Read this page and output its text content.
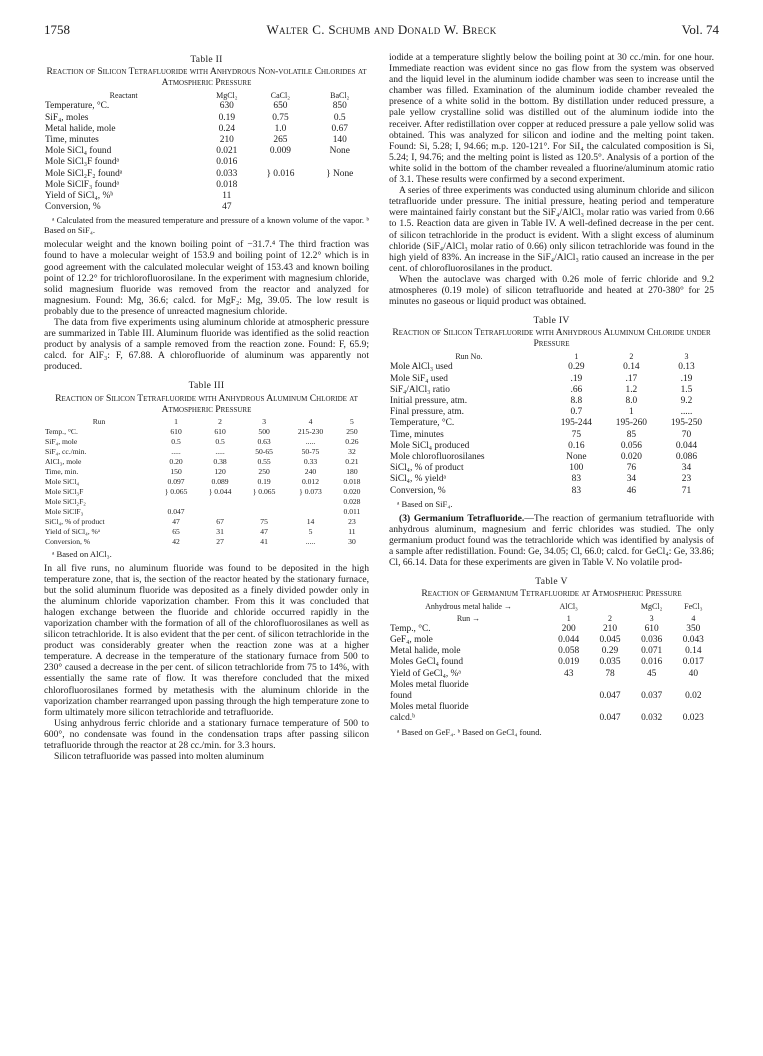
1758	Walter C. Schumb and Donald W. Breck	Vol. 74
Table II
Reaction of Silicon Tetrafluoride with Anhydrous Non-volatile Chlorides at Atmospheric Pressure
Reactant	MgCl₂	CaCl₂	BaCl₂
Temperature, °C.	630	650	850
SiF₄, moles	0.19	0.75	0.5
Metal halide, mole	0.24	1.0	0.67
Time, minutes	210	265	140
Mole SiCl₄ found	0.021	0.009	None
Mole SiCl₃F foundᵃ	0.016		
Mole SiCl₂F₂ foundᵃ	0.033	} 0.016	} None
Mole SiClF₃ foundᵃ	0.018		
Yield of SiCl₄, %ᵇ	11		
Conversion, %	47		
ᵃ Calculated from the measured temperature and pressure of a known volume of the vapor. ᵇ Based on SiF₄.

molecular weight and the known boiling point of −31.7.⁴ The third fraction was found to have a molecular weight of 153.9 and boiling point of 12.2° which is in good agreement with the calculated molecular weight of 153.43 and known boiling point of 12.2° for trichlorofluorosilane. In the experiment with magnesium chloride, solid magnesium fluoride was removed from the reactor and analyzed for magnesium. Found: Mg, 36.6; calcd. for MgF₂: Mg, 39.05. The low result is probably due to the presence of unreacted magnesium chloride.

The data from five experiments using aluminum chloride at atmospheric pressure are summarized in Table III. Aluminum fluoride was identified as the solid reaction product by analysis of a sample removed from the reaction zone. Found: F, 65.9; calcd. for AlF₃: F, 67.88. A chlorofluoride of aluminum was apparently not produced.

Table III
Reaction of Silicon Tetrafluoride with Anhydrous Aluminum Chloride at Atmospheric Pressure
Run	1	2	3	4	5
Temp., °C.	610	610	500	215-230	250
SiF₄, mole	0.5	0.5	0.63	.....	0.26
SiF₄, cc./min.	.....	.....	50-65	50-75	32
AlCl₃, mole	0.20	0.38	0.55	0.33	0.21
Time, min.	150	120	250	240	180
Mole SiCl₄	0.097	0.089	0.19	0.012	0.018
Mole SiCl₃F	} 0.065	} 0.044	} 0.065	} 0.073	0.020
Mole SiCl₂F₂					0.028
Mole SiClF₃	0.047				0.011
SiCl₄, % of product	47	67	75	14	23
Yield of SiCl₄, %ᵃ	65	31	47	5	11
Conversion, %	42	27	41	.....	30
ᵃ Based on AlCl₃.

In all five runs, no aluminum fluoride was found to be deposited in the high temperature zone, that is, the section of the reactor heated by the stationary furnace, but the solid aluminum fluoride was deposited as a finely divided powder only in the aluminum chloride vaporization chamber. From this it was concluded that halogen exchange between the fluoride and chloride occurred rapidly in the vaporization chamber with the formation of all of the chlorofluorosilanes as well as silicon tetrachloride. It is also evident that the per cent. of silicon tetrachloride in the product was considerably greater when the reaction zone was at a higher temperature. A decrease in the temperature of the stationary furnace from 500 to 230° caused a decrease in the per cent. of silicon tetrachloride from 75 to 14%, with essentially the same rate of flow. It was therefore concluded that the mixed chlorofluorosilanes formed by metathesis with the aluminum chloride in the vaporization chamber rearranged upon passing through the high temperature zone to form ultimately more silicon tetrachloride and tetrafluoride.

Using anhydrous ferric chloride and a stationary furnace temperature of 500 to 600°, no condensate was found in the condensation traps after passing silicon tetrafluoride through the reactor at 28 cc./min. for 3.3 hours.

Silicon tetrafluoride was passed into molten aluminum

iodide at a temperature slightly below the boiling point at 30 cc./min. for one hour. Immediate reaction was evident since no gas flow from the system was observed and the liquid level in the aluminum iodide chamber was seen to increase until the chamber was filled. Examination of the aluminum iodide chamber revealed the presence of a white solid in the bottom. By distillation under reduced pressure, a pale yellow crystalline solid was distilled out of the aluminum iodide into the receiver. After redistillation over copper at reduced pressure a pale yellow solid was obtained. This was analyzed for silicon and iodine and the melting point taken. Found: Si, 5.28; I, 94.66; m.p. 120-121°. For SiI₄ the calculated composition is Si, 5.24; I, 94.76; and the melting point is listed as 120.5°. Analysis of a portion of the white solid in the bottom of the chamber revealed a fluorine/aluminum atomic ratio of 3.1. These results were confirmed by a second experiment.

A series of three experiments was conducted using aluminum chloride and silicon tetrafluoride under pressure. The initial pressure, heating period and temperature were maintained fairly constant but the SiF₄/AlCl₃ molar ratio was varied from 0.66 to 1.5. Reaction data are given in Table IV. A well-defined decrease in the per cent. of silicon tetrachloride in the product is evident. With a slight excess of aluminum chloride (SiF₄/AlCl₃ molar ratio of 0.66) only silicon tetrachloride was found in the high yield of 83%. An increase in the SiF₄/AlCl₃ ratio caused an increase in the per cent. of chlorofluorosilanes in the product.

When the autoclave was charged with 0.26 mole of ferric chloride and 9.2 atmospheres (0.19 mole) of silicon tetrafluoride and heated at 270-380° for 25 minutes no gaseous or liquid product was obtained.

Table IV
Reaction of Silicon Tetrafluoride with Anhydrous Aluminum Chloride under Pressure
Run No.	1	2	3
Mole AlCl₃ used	0.29	0.14	0.13
Mole SiF₄ used	.19	.17	.19
SiF₄/AlCl₃ ratio	.66	1.2	1.5
Initial pressure, atm.	8.8	8.0	9.2
Final pressure, atm.	0.7	1	.....
Temperature, °C.	195-244	195-260	195-250
Time, minutes	75	85	70
Mole SiCl₄ produced	0.16	0.056	0.044
Mole chlorofluorosilanes	None	0.020	0.086
SiCl₄, % of product	100	76	34
SiCl₄, % yieldᵃ	83	34	23
Conversion, %	83	46	71
ᵃ Based on SiF₄.

(3) Germanium Tetrafluoride.—The reaction of germanium tetrafluoride with anhydrous aluminum, magnesium and ferric chlorides was studied. The only germanium product found was the tetrachloride which was identified by analysis of a sample after redistillation. Found: Ge, 34.05; Cl, 66.0; calcd. for GeCl₄: Ge, 33.86; Cl, 66.14. Data for these experiments are given in Table V. No volatile prod-

Table V
Reaction of Germanium Tetrafluoride at Atmospheric Pressure
Anhydrous metal halide →	AlCl₃		MgCl₂	FeCl₃
Run →	1	2	3	4
Temp., °C.	200	210	610	350
GeF₄, mole	0.044	0.045	0.036	0.043
Metal halide, mole	0.058	0.29	0.071	0.14
Moles GeCl₄ found	0.019	0.035	0.016	0.017
Yield of GeCl₄, %ᵃ	43	78	45	40
Moles metal fluoride				
found		0.047	0.037	0.02
Moles metal fluoride				
calcd.ᵇ		0.047	0.032	0.023
ᵃ Based on GeF₄. ᵇ Based on GeCl₄ found.
